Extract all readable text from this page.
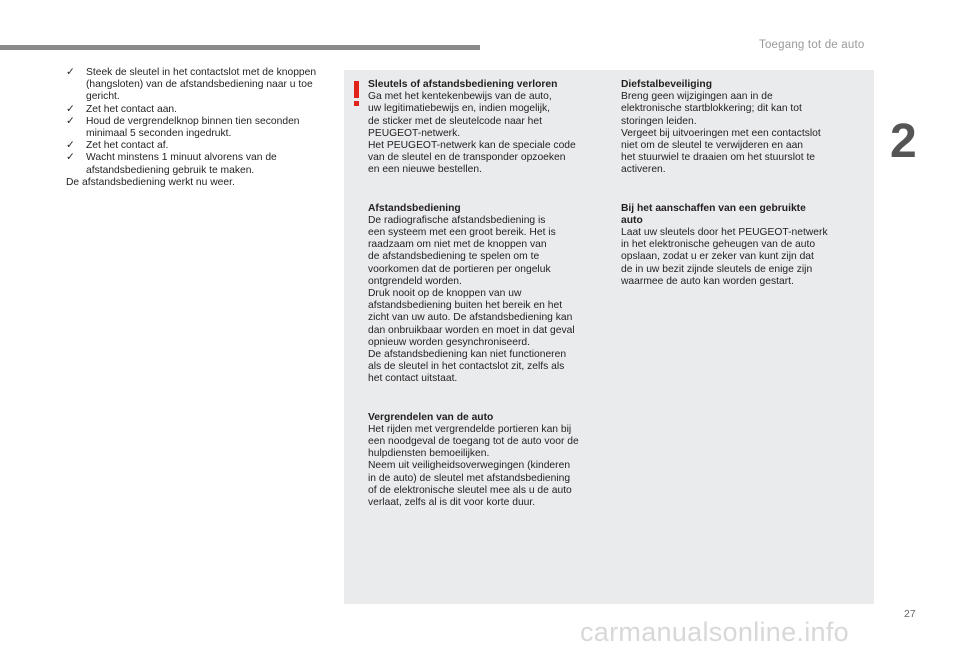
Toegang tot de auto
2
✓	Steek de sleutel in het contactslot met de knoppen (hangsloten) van de afstandsbediening naar u toe gericht.
✓	Zet het contact aan.
✓	Houd de vergrendelknop binnen tien seconden minimaal 5 seconden ingedrukt.
✓	Zet het contact af.
✓	Wacht minstens 1 minuut alvorens van de afstandsbediening gebruik te maken.
De afstandsbediening werkt nu weer.
Sleutels of afstandsbediening verloren

Ga met het kentekenbewijs van de auto,
uw legitimatiebewijs en, indien mogelijk,
de sticker met de sleutelcode naar het
PEUGEOT-netwerk.
Het PEUGEOT-netwerk kan de speciale code
van de sleutel en de transponder opzoeken
en een nieuwe bestellen.

Afstandsbediening

De radiografische afstandsbediening is
een systeem met een groot bereik. Het is
raadzaam om niet met de knoppen van
de afstandsbediening te spelen om te
voorkomen dat de portieren per ongeluk
ontgrendeld worden.
Druk nooit op de knoppen van uw
afstandsbediening buiten het bereik en het
zicht van uw auto. De afstandsbediening kan
dan onbruikbaar worden en moet in dat geval
opnieuw worden gesynchroniseerd.
De afstandsbediening kan niet functioneren
als de sleutel in het contactslot zit, zelfs als
het contact uitstaat.

Vergrendelen van de auto

Het rijden met vergrendelde portieren kan bij
een noodgeval de toegang tot de auto voor de
hulpdiensten bemoeilijken.
Neem uit veiligheidsoverwegingen (kinderen
in de auto) de sleutel met afstandsbediening
of de elektronische sleutel mee als u de auto
verlaat, zelfs al is dit voor korte duur.

Diefstalbeveiliging

Breng geen wijzigingen aan in de
elektronische startblokkering; dit kan tot
storingen leiden.
Vergeet bij uitvoeringen met een contactslot
niet om de sleutel te verwijderen en aan
het stuurwiel te draaien om het stuurslot te
activeren.

Bij het aanschaffen van een gebruikte
auto

Laat uw sleutels door het PEUGEOT-netwerk
in het elektronische geheugen van de auto
opslaan, zodat u er zeker van kunt zijn dat
de in uw bezit zijnde sleutels de enige zijn
waarmee de auto kan worden gestart.

27
carmanualsonline.info
